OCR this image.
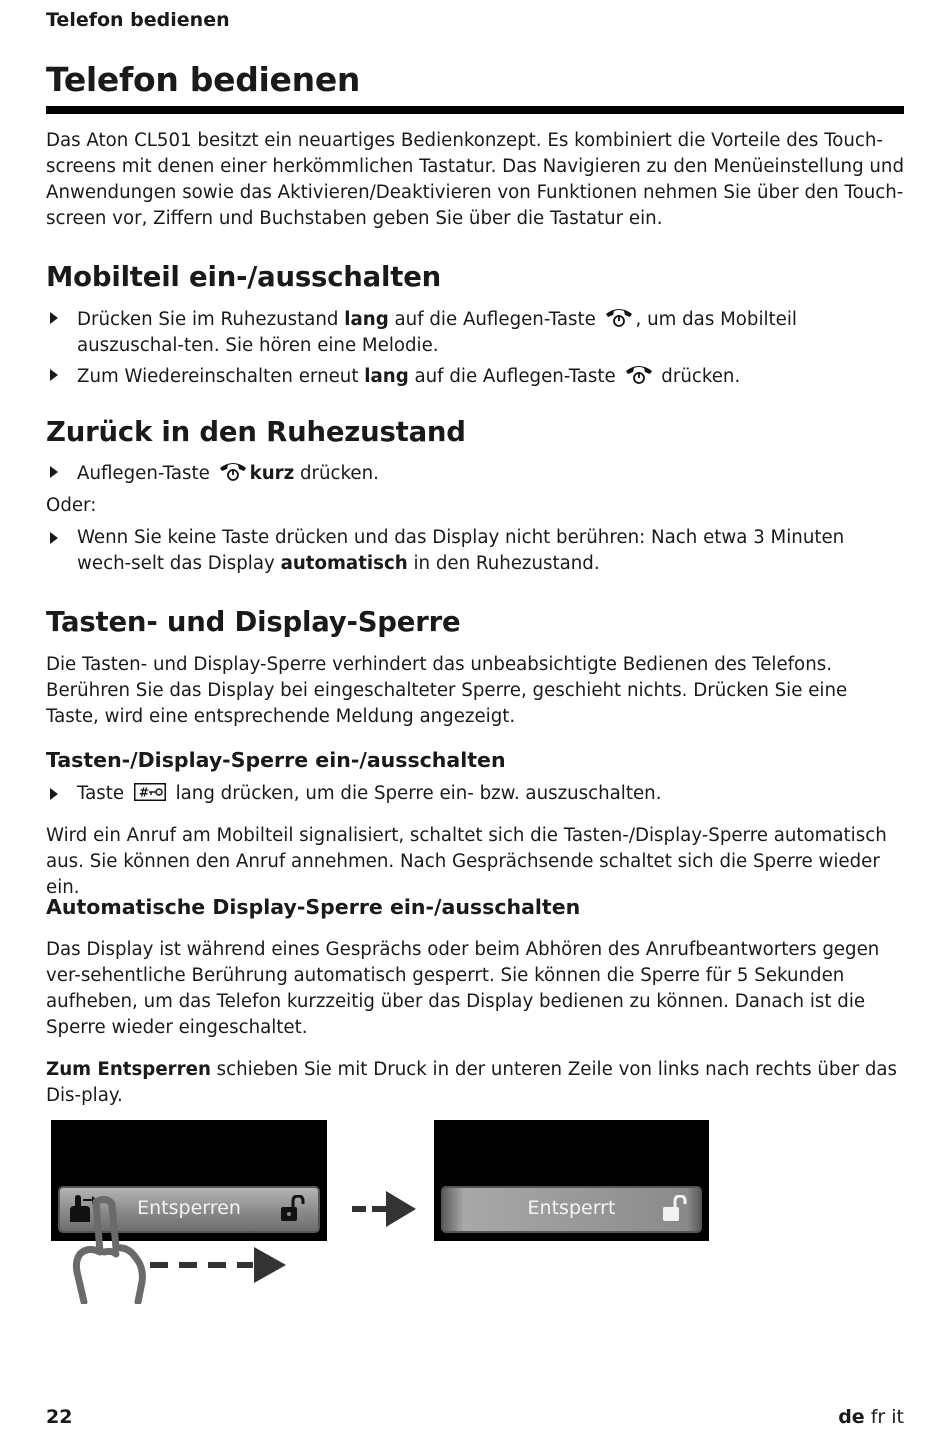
Telefon bedienen
Telefon bedienen

Das Aton CL501 besitzt ein neuartiges Bedienkonzept. Es kombiniert die Vorteile des Touch-screens mit denen einer herkömmlichen Tastatur. Das Navigieren zu den Menüeinstellung und Anwendungen sowie das Aktivieren/Deaktivieren von Funktionen nehmen Sie über den Touch-screen vor, Ziffern und Buchstaben geben Sie über die Tastatur ein.

Mobilteil ein-/ausschalten
Drücken Sie im Ruhezustand lang auf die Auflegen-Taste , um das Mobilteil auszuschal-ten. Sie hören eine Melodie.
Zum Wiedereinschalten erneut lang auf die Auflegen-Taste  drücken.
Zurück in den Ruhezustand
Auflegen-Taste kurz drücken.

Oder:

Wenn Sie keine Taste drücken und das Display nicht berühren: Nach etwa 3 Minuten wech-selt das Display automatisch in den Ruhezustand.
Tasten- und Display-Sperre

Die Tasten- und Display-Sperre verhindert das unbeabsichtigte Bedienen des Telefons. Berühren Sie das Display bei eingeschalteter Sperre, geschieht nichts. Drücken Sie eine Taste, wird eine entsprechende Meldung angezeigt.

Tasten-/Display-Sperre ein-/ausschalten
Taste # lang drücken, um die Sperre ein- bzw. auszuschalten.

Wird ein Anruf am Mobilteil signalisiert, schaltet sich die Tasten-/Display-Sperre automatisch aus. Sie können den Anruf annehmen. Nach Gesprächsende schaltet sich die Sperre wieder ein.

Automatische Display-Sperre ein-/ausschalten

Das Display ist während eines Gesprächs oder beim Abhören des Anrufbeantworters gegen ver-sehentliche Berührung automatisch gesperrt. Sie können die Sperre für 5 Sekunden aufheben, um das Telefon kurzzeitig über das Display bedienen zu können. Danach ist die Sperre wieder eingeschaltet.

Zum Entsperren schieben Sie mit Druck in der unteren Zeile von links nach rechts über das Dis-play.

Entsperren	Entsperrt
22	de fr it
